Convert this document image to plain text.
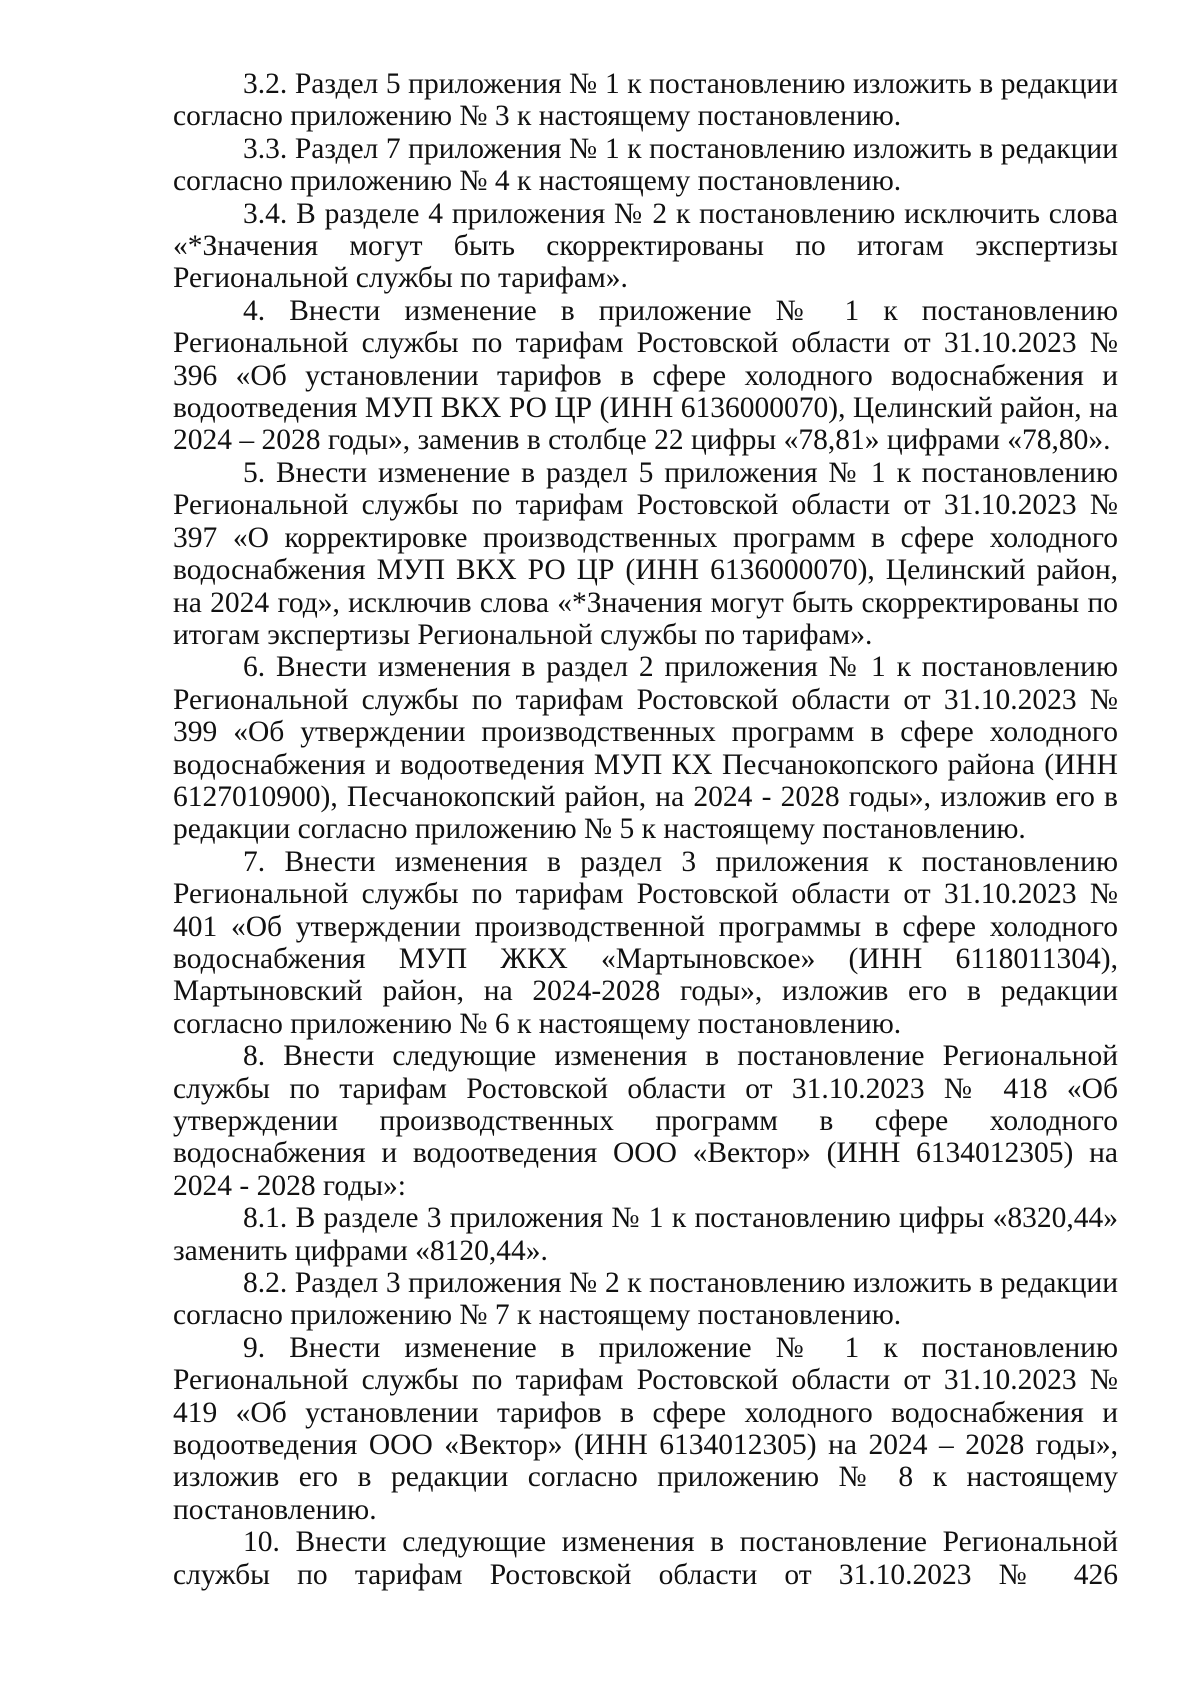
3.2. Раздел 5 приложения № 1 к постановлению изложить в редакции согласно приложению № 3 к настоящему постановлению.

3.3. Раздел 7 приложения № 1 к постановлению изложить в редакции согласно приложению № 4 к настоящему постановлению.

3.4. В разделе 4 приложения № 2 к постановлению исключить слова «*Значения могут быть скорректированы по итогам экспертизы Региональной службы по тарифам».

4. Внести изменение в приложение № 1 к постановлению Региональной службы по тарифам Ростовской области от 31.10.2023 № 396 «Об установлении тарифов в сфере холодного водоснабжения и водоотведения МУП ВКХ РО ЦР (ИНН 6136000070), Целинский район, на 2024 – 2028 годы», заменив в столбце 22 цифры «78,81» цифрами «78,80».

5. Внести изменение в раздел 5 приложения № 1 к постановлению Региональной службы по тарифам Ростовской области от 31.10.2023 № 397 «О корректировке производственных программ в сфере холодного водоснабжения МУП ВКХ РО ЦР (ИНН 6136000070), Целинский район, на 2024 год», исключив слова «*Значения могут быть скорректированы по итогам экспертизы Региональной службы по тарифам».

6. Внести изменения в раздел 2 приложения № 1 к постановлению Региональной службы по тарифам Ростовской области от 31.10.2023 № 399 «Об утверждении производственных программ в сфере холодного водоснабжения и водоотведения МУП КХ Песчанокопского района (ИНН 6127010900), Песчанокопский район, на 2024 - 2028 годы», изложив его в редакции согласно приложению № 5 к настоящему постановлению.

7. Внести изменения в раздел 3 приложения к постановлению Региональной службы по тарифам Ростовской области от 31.10.2023 № 401 «Об утверждении производственной программы в сфере холодного водоснабжения МУП ЖКХ «Мартыновское» (ИНН 6118011304), Мартыновский район, на 2024-2028 годы», изложив его в редакции согласно приложению № 6 к настоящему постановлению.

8. Внести следующие изменения в постановление Региональной службы по тарифам Ростовской области от 31.10.2023 № 418 «Об утверждении производственных программ в сфере холодного водоснабжения и водоотведения ООО «Вектор» (ИНН 6134012305) на 2024 - 2028 годы»:

8.1. В разделе 3 приложения № 1 к постановлению цифры «8320,44» заменить цифрами «8120,44».

8.2. Раздел 3 приложения № 2 к постановлению изложить в редакции согласно приложению № 7 к настоящему постановлению.

9. Внести изменение в приложение № 1 к постановлению Региональной службы по тарифам Ростовской области от 31.10.2023 № 419 «Об установлении тарифов в сфере холодного водоснабжения и водоотведения ООО «Вектор» (ИНН 6134012305) на 2024 – 2028 годы», изложив его в редакции согласно приложению № 8 к настоящему постановлению.

10. Внести следующие изменения в постановление Региональной службы по тарифам Ростовской области от 31.10.2023 № 426
